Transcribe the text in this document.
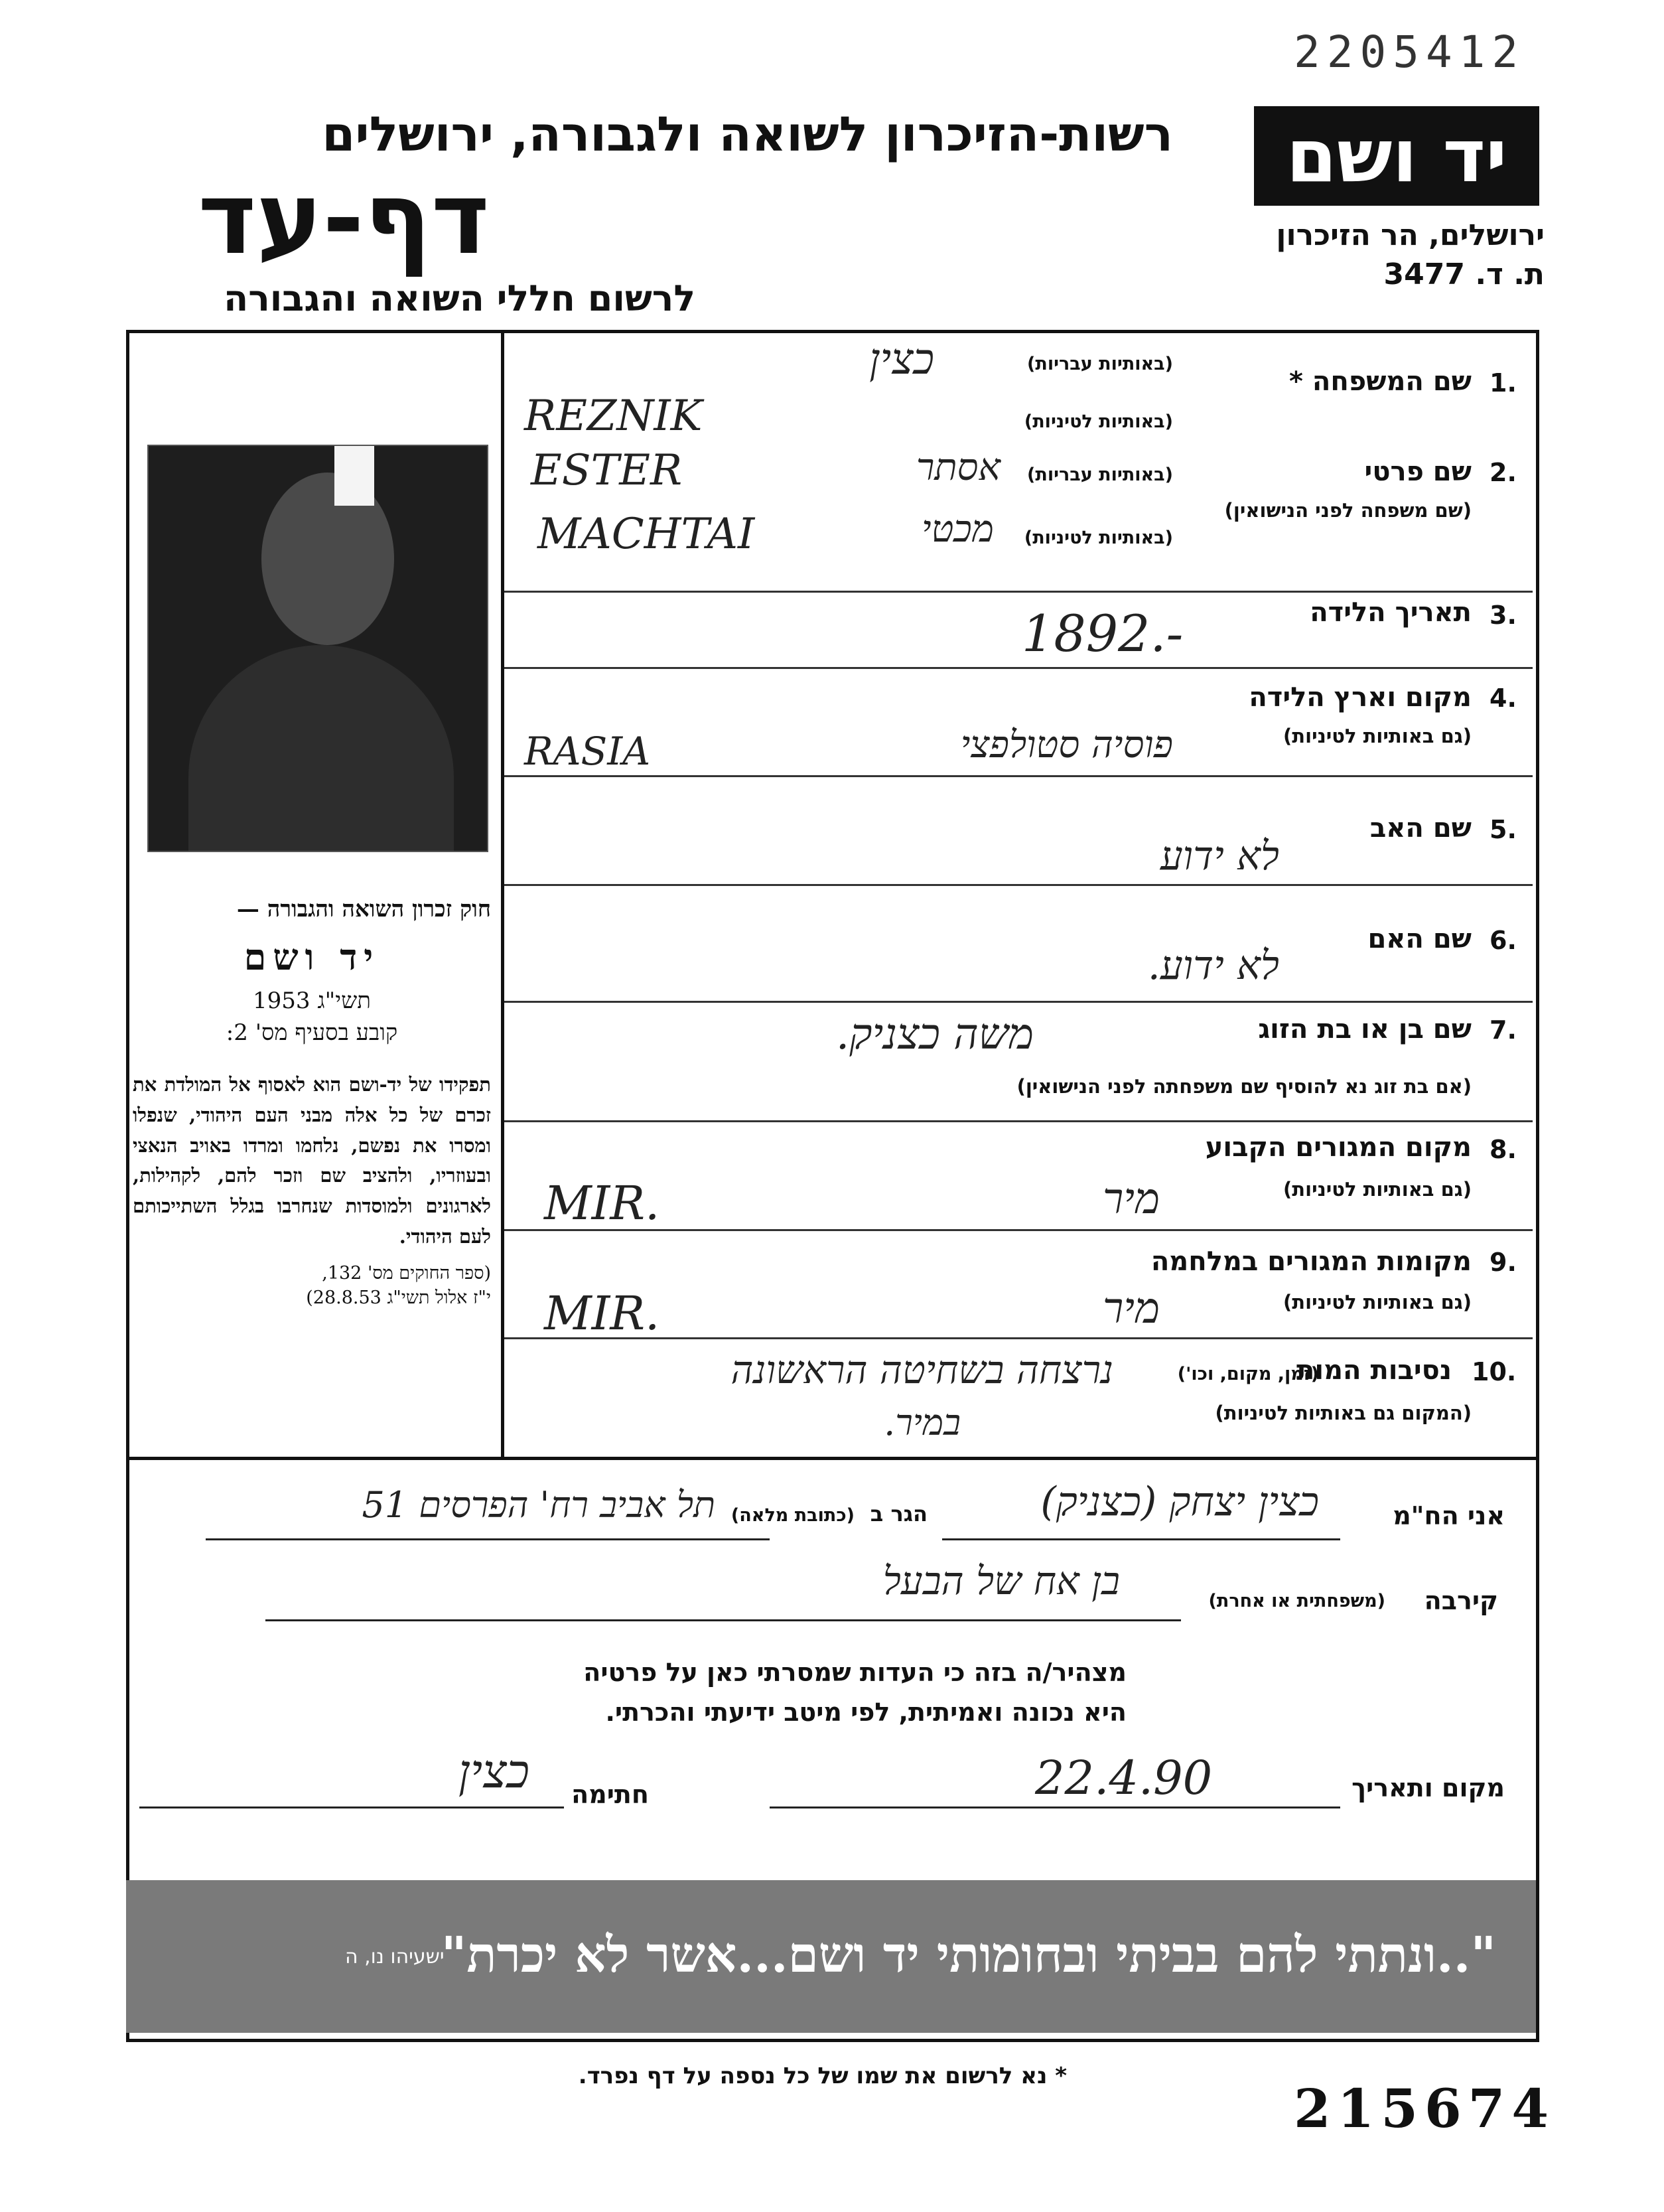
2205412
יד ושם
רשות-הזיכרון לשואה ולגבורה, ירושלים
דף-עד
לרשום חללי השואה והגבורה
ירושלים, הר הזיכרון
ת. ד. 3477
חוק זכרון השואה והגבורה —
יד ושם
תשי"ג 1953
קובע בסעיף מס' 2:
תפקידו של יד-ושם הוא לאסוף אל המולדת את זכרם של כל אלה מבני העם היהודי, שנפלו ומסרו את נפשם, נלחמו ומרדו באויב הנאצי ובעוזריו, ולהציב שם וזכר להם, לקהילות, לארגונים ולמוסדות שנחרבו בגלל השתייכותם לעם היהודי.
(ספר החוקים מס' 132,
י"ז אלול תשי"ג 28.8.53)
1.
שם המשפחה *
(באותיות עבריות)
כצין
(באותיות לטיניות)
REZNIK
2.
שם פרטי
(שם משפחה לפני הנישואין)
(באותיות עבריות)
אסתר
ESTER
(באותיות לטיניות)
מכטי
MACHTAI
3.
תאריך הלידה
1892.-
4.
מקום וארץ הלידה
(גם באותיות לטיניות)
פוסיה סטולפצי
RASIA
5.
שם האב
לא ידוע
6.
שם האם
לא ידוע.
7.
שם בן או בת הזוג
(אם בת זוג נא להוסיף שם משפחתה לפני הנישואין)
משה כצניק.
8.
מקום המגורים הקבוע
(גם באותיות לטיניות)
מיר
MIR.
9.
מקומות המגורים במלחמה
(גם באותיות לטיניות)
מיר
MIR.
10.
נסיבות המות
(זמן, מקום, וכו')
(המקום גם באותיות לטיניות)
נרצחה בשחיטה הראשונה
במיר.
אני הח"מ
כצין יצחק (כצניק)
הגר ב
(כתובת מלאה)
תל אביב רח' הפרסים 51
קירבה
(משפחתית או אחרת)
בן אח של הבעל
מצהיר/ה בזה כי העדות שמסרתי כאן על פרטיה
היא נכונה ואמיתית, לפי מיטב ידיעתי והכרתי.
מקום ותאריך
22.4.90
חתימה
כצין
"..ונתתי להם בביתי ובחומותי יד ושם...אשר לא יכרת"
ישעיהו נו, ה
* נא לרשום את שמו של כל נספה על דף נפרד.
215674
